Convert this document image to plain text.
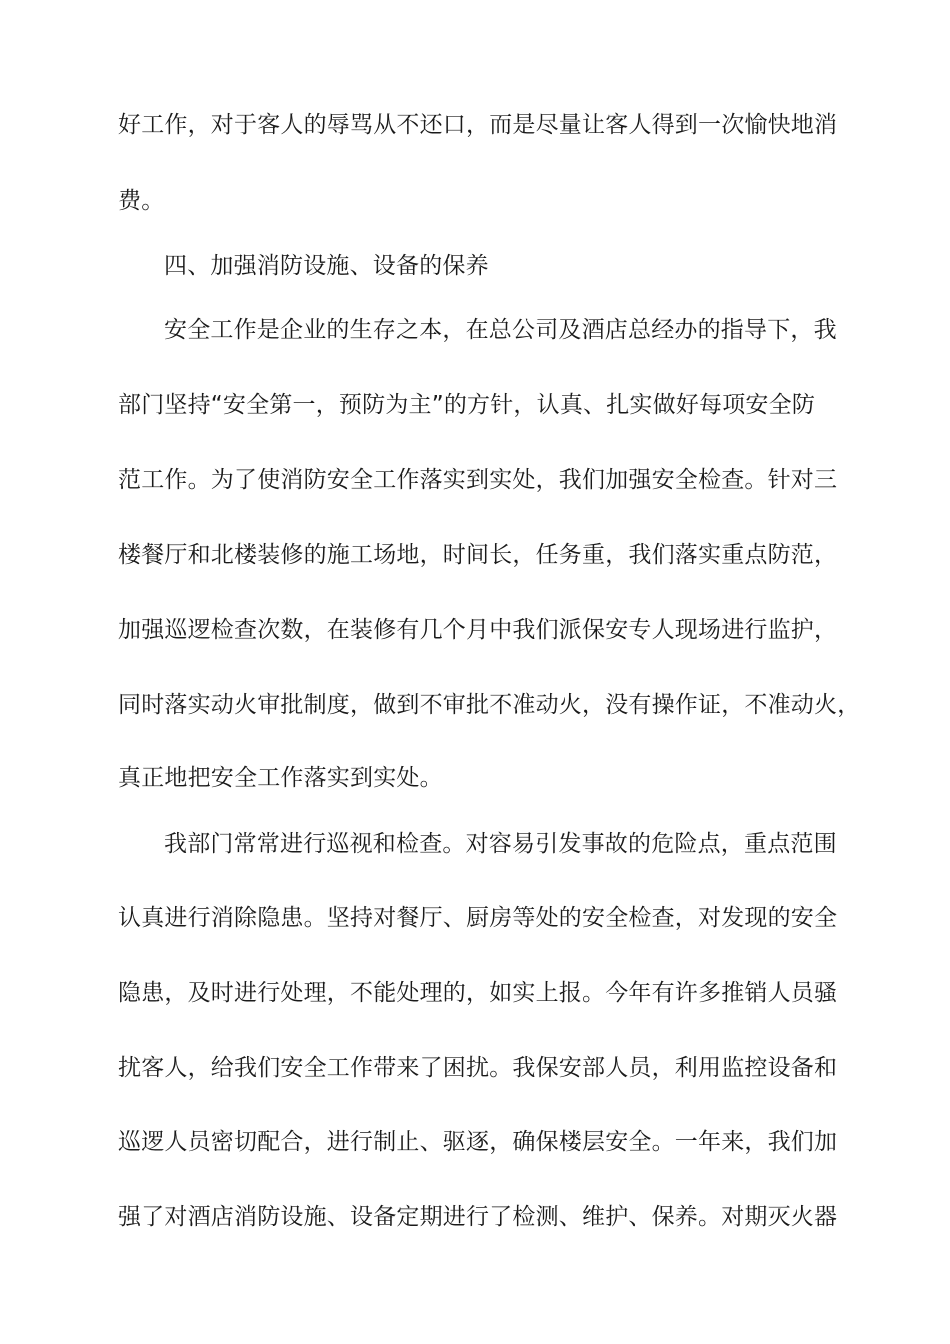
好工作，对于客人的辱骂从不还口，而是尽量让客人得到一次愉快地消
费。
四、加强消防设施、设备的保养
安全工作是企业的生存之本，在总公司及酒店总经办的指导下，我
部门坚持“安全第一，预防为主”的方针，认真、扎实做好每项安全防
范工作。为了使消防安全工作落实到实处，我们加强安全检查。针对三
楼餐厅和北楼装修的施工场地，时间长，任务重，我们落实重点防范，
加强巡逻检查次数，在装修有几个月中我们派保安专人现场进行监护，
同时落实动火审批制度，做到不审批不准动火，没有操作证，不准动火，
真正地把安全工作落实到实处。
我部门常常进行巡视和检查。对容易引发事故的危险点，重点范围
认真进行消除隐患。坚持对餐厅、厨房等处的安全检查，对发现的安全
隐患，及时进行处理，不能处理的，如实上报。今年有许多推销人员骚
扰客人，给我们安全工作带来了困扰。我保安部人员，利用监控设备和
巡逻人员密切配合，进行制止、驱逐，确保楼层安全。一年来，我们加
强了对酒店消防设施、设备定期进行了检测、维护、保养。对期灭火器
